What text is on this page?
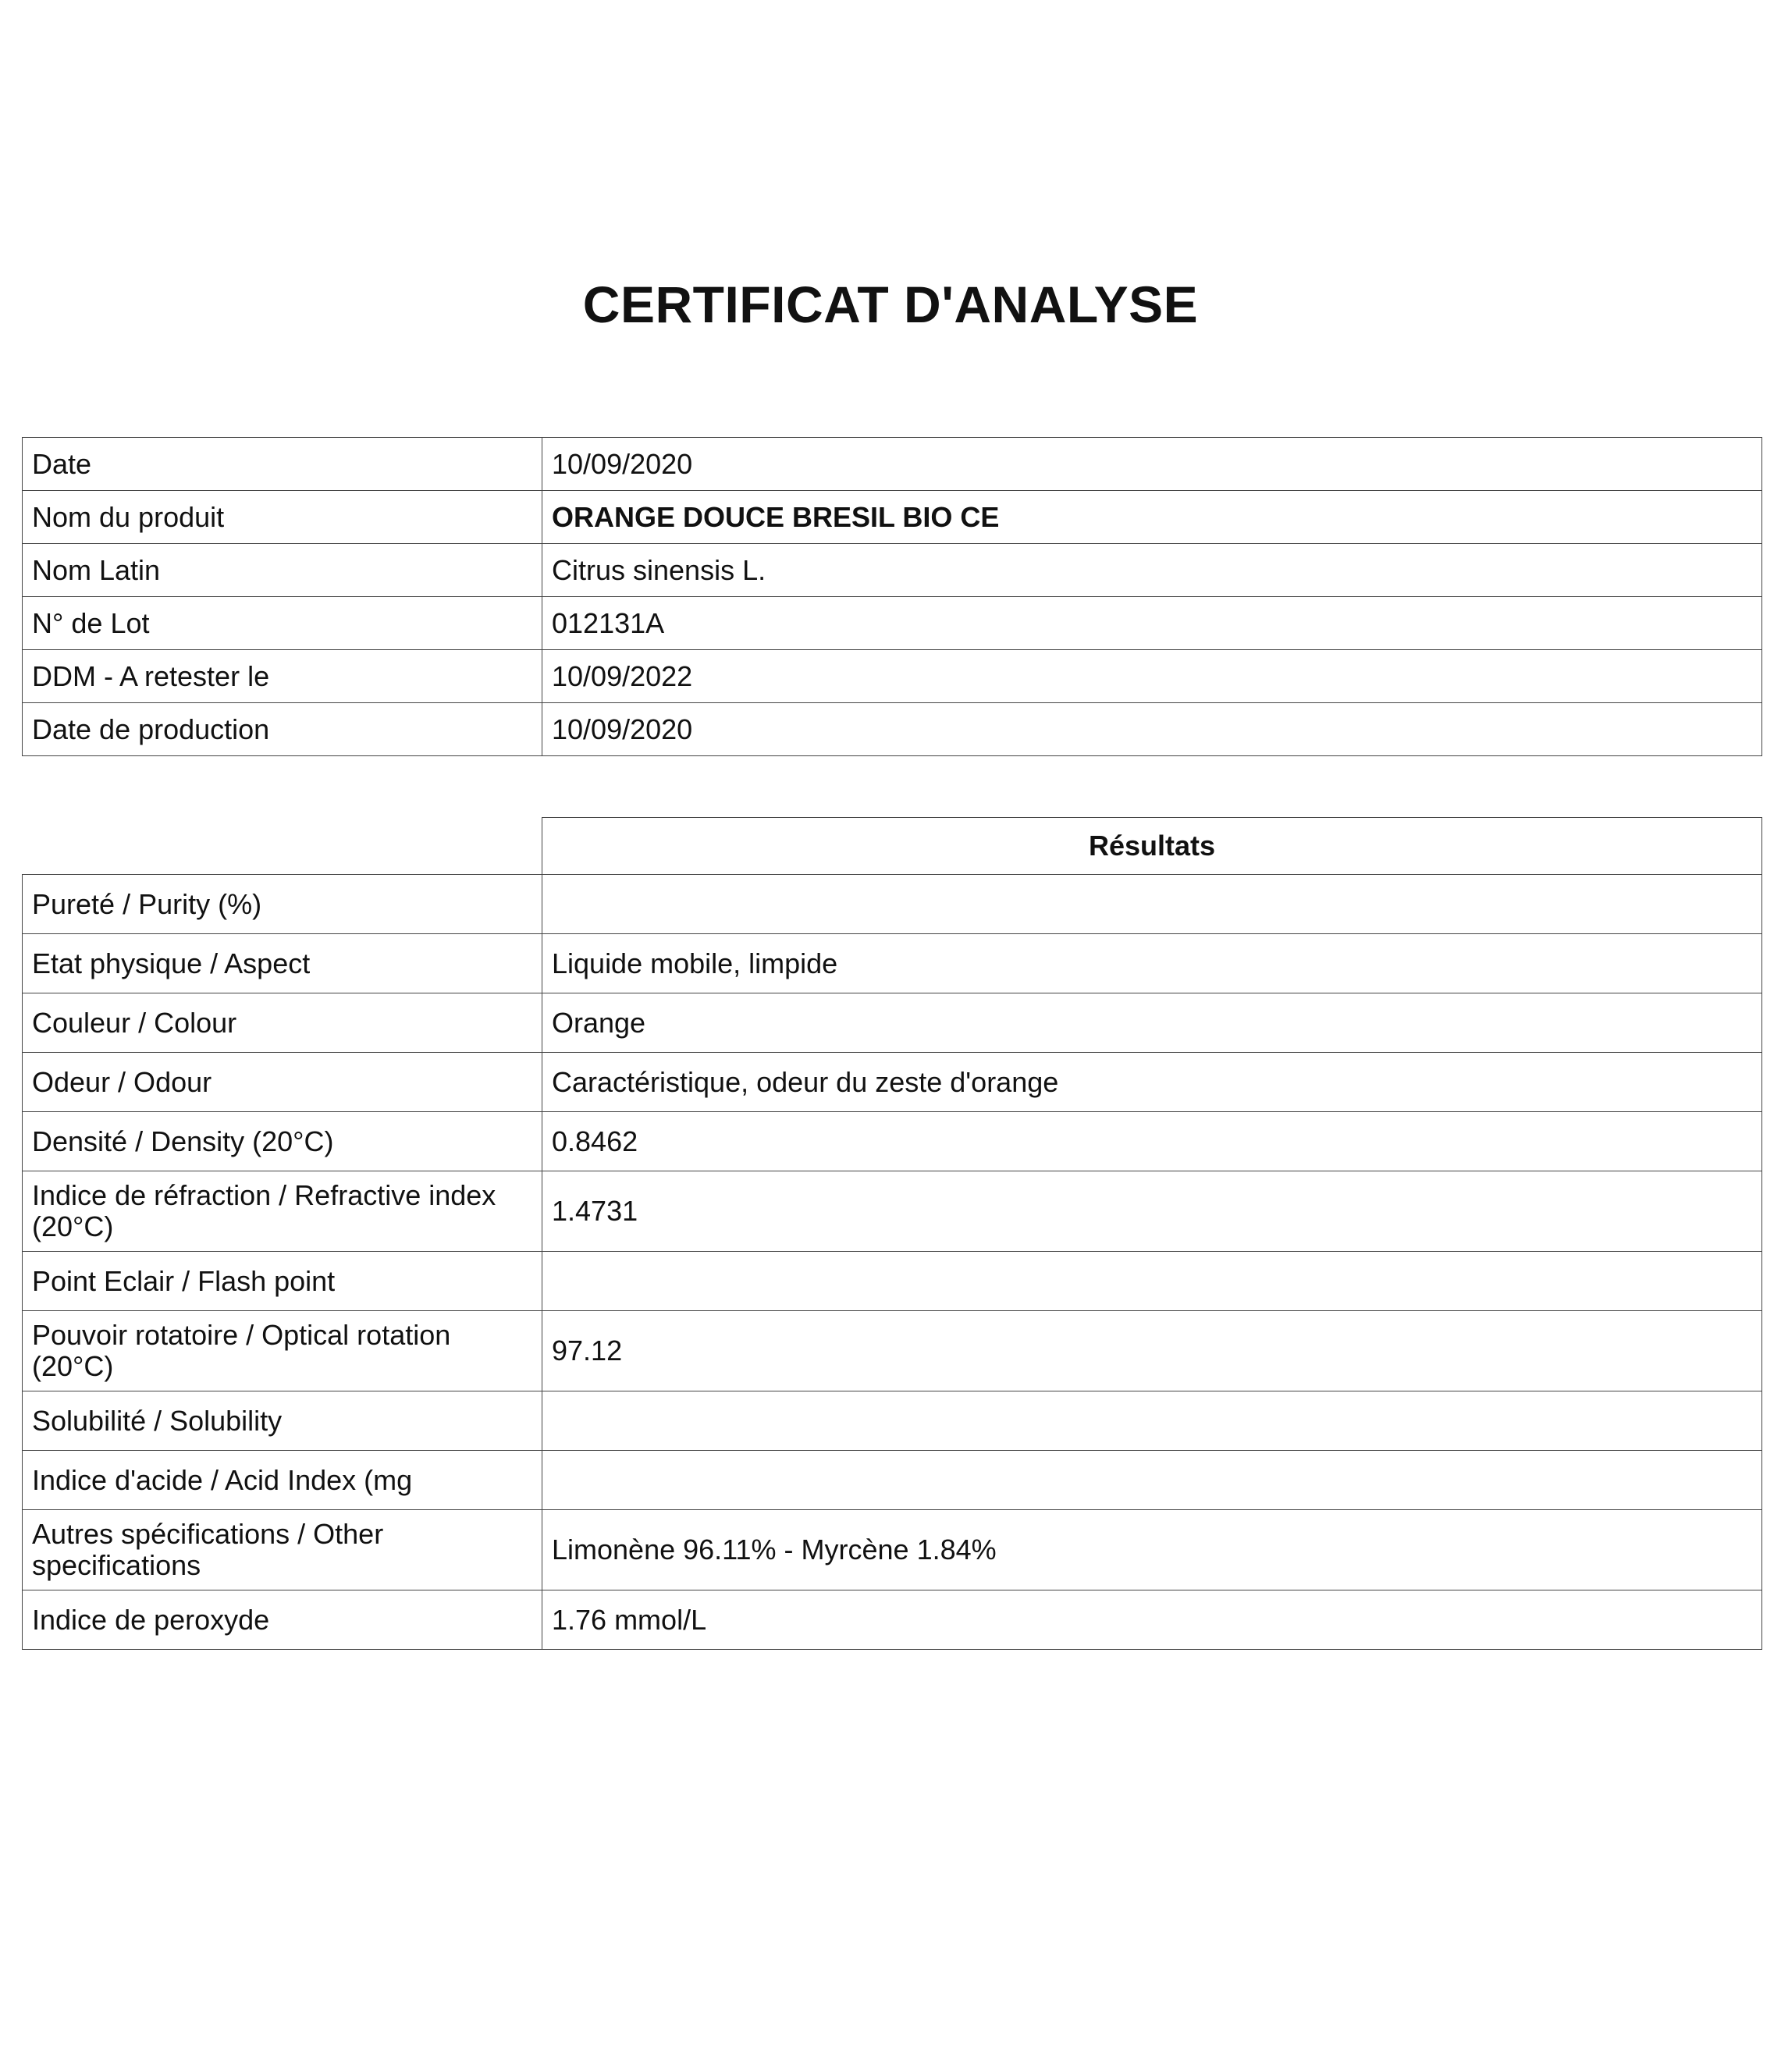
CERTIFICAT D'ANALYSE
Date	10/09/2020
Nom du produit	ORANGE DOUCE BRESIL BIO CE
Nom Latin	Citrus sinensis L.
N° de Lot	012131A
DDM - A retester le	10/09/2022
Date de production	10/09/2020
	Résultats
Pureté / Purity (%)	
Etat physique / Aspect	Liquide mobile, limpide
Couleur / Colour	Orange
Odeur / Odour	Caractéristique, odeur du zeste d'orange
Densité / Density (20°C)	0.8462
Indice de réfraction / Refractive index (20°C)	1.4731
Point Eclair / Flash point	
Pouvoir rotatoire / Optical rotation (20°C)	97.12
Solubilité / Solubility	
Indice d'acide / Acid Index (mg	
Autres spécifications / Other specifications	Limonène 96.11% - Myrcène 1.84%
Indice de peroxyde	1.76 mmol/L
